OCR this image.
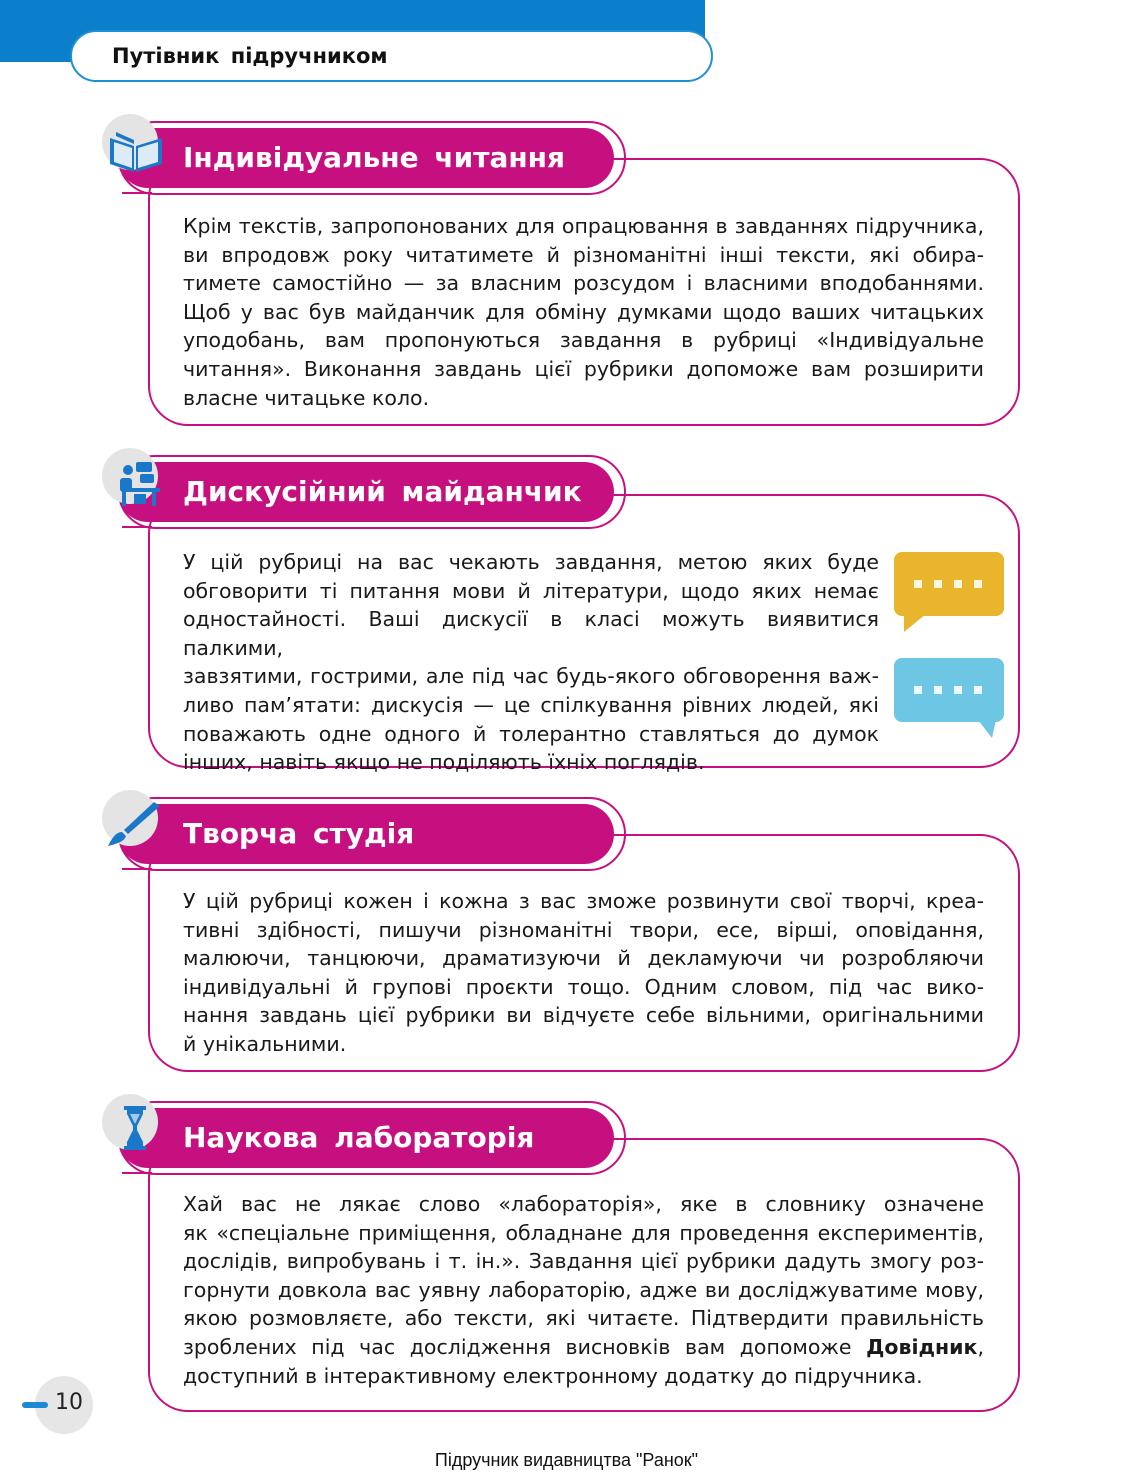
Путівник підручником
Індивідуальне читання
Крім текстів, запропонованих для опрацювання в завданнях підручника,
ви впродовж року читатимете й різноманітні інші тексти, які обира-
тимете самостійно — за власним розсудом і власними вподобаннями.
Щоб у вас був майданчик для обміну думками щодо ваших читацьких
уподобань, вам пропонуються завдання в рубриці «Індивідуальне
читання». Виконання завдань цієї рубрики допоможе вам розширити
власне читацьке коло.
Дискусійний майданчик
У цій рубриці на вас чекають завдання, метою яких буде
обговорити ті питання мови й літератури, щодо яких немає
одностайності. Ваші дискусії в класі можуть виявитися палкими,
завзятими, гострими, але під час будь-якого обговорення важ-
ливо пам’ятати: дискусія — це спілкування рівних людей, які
поважають одне одного й толерантно ставляться до думок
інших, навіть якщо не поділяють їхніх поглядів.
Творча студія
У цій рубриці кожен і кожна з вас зможе розвинути свої творчі, креа-
тивні здібності, пишучи різноманітні твори, есе, вірші, оповідання,
малюючи, танцюючи, драматизуючи й декламуючи чи розробляючи
індивідуальні й групові проєкти тощо. Одним словом, під час вико-
нання завдань цієї рубрики ви відчуєте себе вільними, оригінальними
й унікальними.
Наукова лабораторія
Хай вас не лякає слово «лабораторія», яке в словнику означене
як «спеціальне приміщення, обладнане для проведення експериментів,
дослідів, випробувань і т. ін.». Завдання цієї рубрики дадуть змогу роз-
горнути довкола вас уявну лабораторію, адже ви досліджуватиме мову,
якою розмовляєте, або тексти, які читаєте. Підтвердити правильність
зроблених під час дослідження висновків вам допоможе Довідник,
доступний в інтерактивному електронному додатку до підручника.
10
Підручник видавництва "Ранок"
